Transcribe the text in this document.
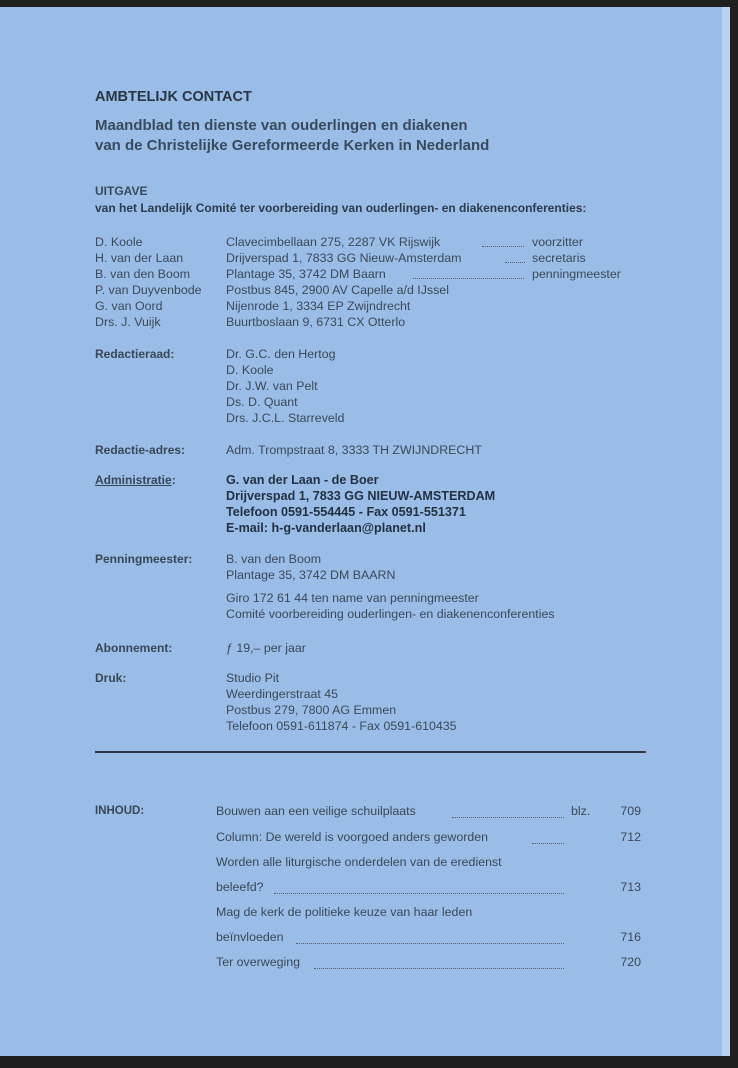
AMBTELIJK CONTACT
Maandblad ten dienste van ouderlingen en diakenen
van de Christelijke Gereformeerde Kerken in Nederland
UITGAVE
van het Landelijk Comité ter voorbereiding van ouderlingen- en diakenenconferenties:
D. Koole	Clavecimbellaan 275, 2287 VK Rijswijk	voorzitter
H. van der Laan	Drijverspad 1, 7833 GG Nieuw-Amsterdam	secretaris
B. van den Boom	Plantage 35, 3742 DM Baarn	penningmeester
P. van Duyvenbode Postbus 845, 2900 AV Capelle a/d IJssel
G. van Oord	Nijenrode 1, 3334 EP Zwijndrecht
Drs. J. Vuijk	Buurtboslaan 9, 6731 CX Otterlo
Redactieraad:	Dr. G.C. den Hertog
D. Koole
Dr. J.W. van Pelt
Ds. D. Quant
Drs. J.C.L. Starreveld
Redactie-adres:	Adm. Trompstraat 8, 3333 TH ZWIJNDRECHT
Administratie:	G. van der Laan - de Boer
Drijverspad 1, 7833 GG NIEUW-AMSTERDAM
Telefoon 0591-554445 - Fax 0591-551371
E-mail: h-g-vanderlaan@planet.nl
Penningmeester:	B. van den Boom
Plantage 35, 3742 DM BAARN
Giro 172 61 44 ten name van penningmeester
Comité voorbereiding ouderlingen- en diakenenconferenties
Abonnement:	ƒ 19,– per jaar
Druk:	Studio Pit
Weerdingerstraat 45
Postbus 279, 7800 AG Emmen
Telefoon 0591-611874 - Fax 0591-610435
INHOUD:	Bouwen aan een veilige schuilplaats	blz.	709
Column: De wereld is voorgoed anders geworden	712
Worden alle liturgische onderdelen van de eredienst
beleefd?	713
Mag de kerk de politieke keuze van haar leden
beïnvloeden	716
Ter overweging	720
